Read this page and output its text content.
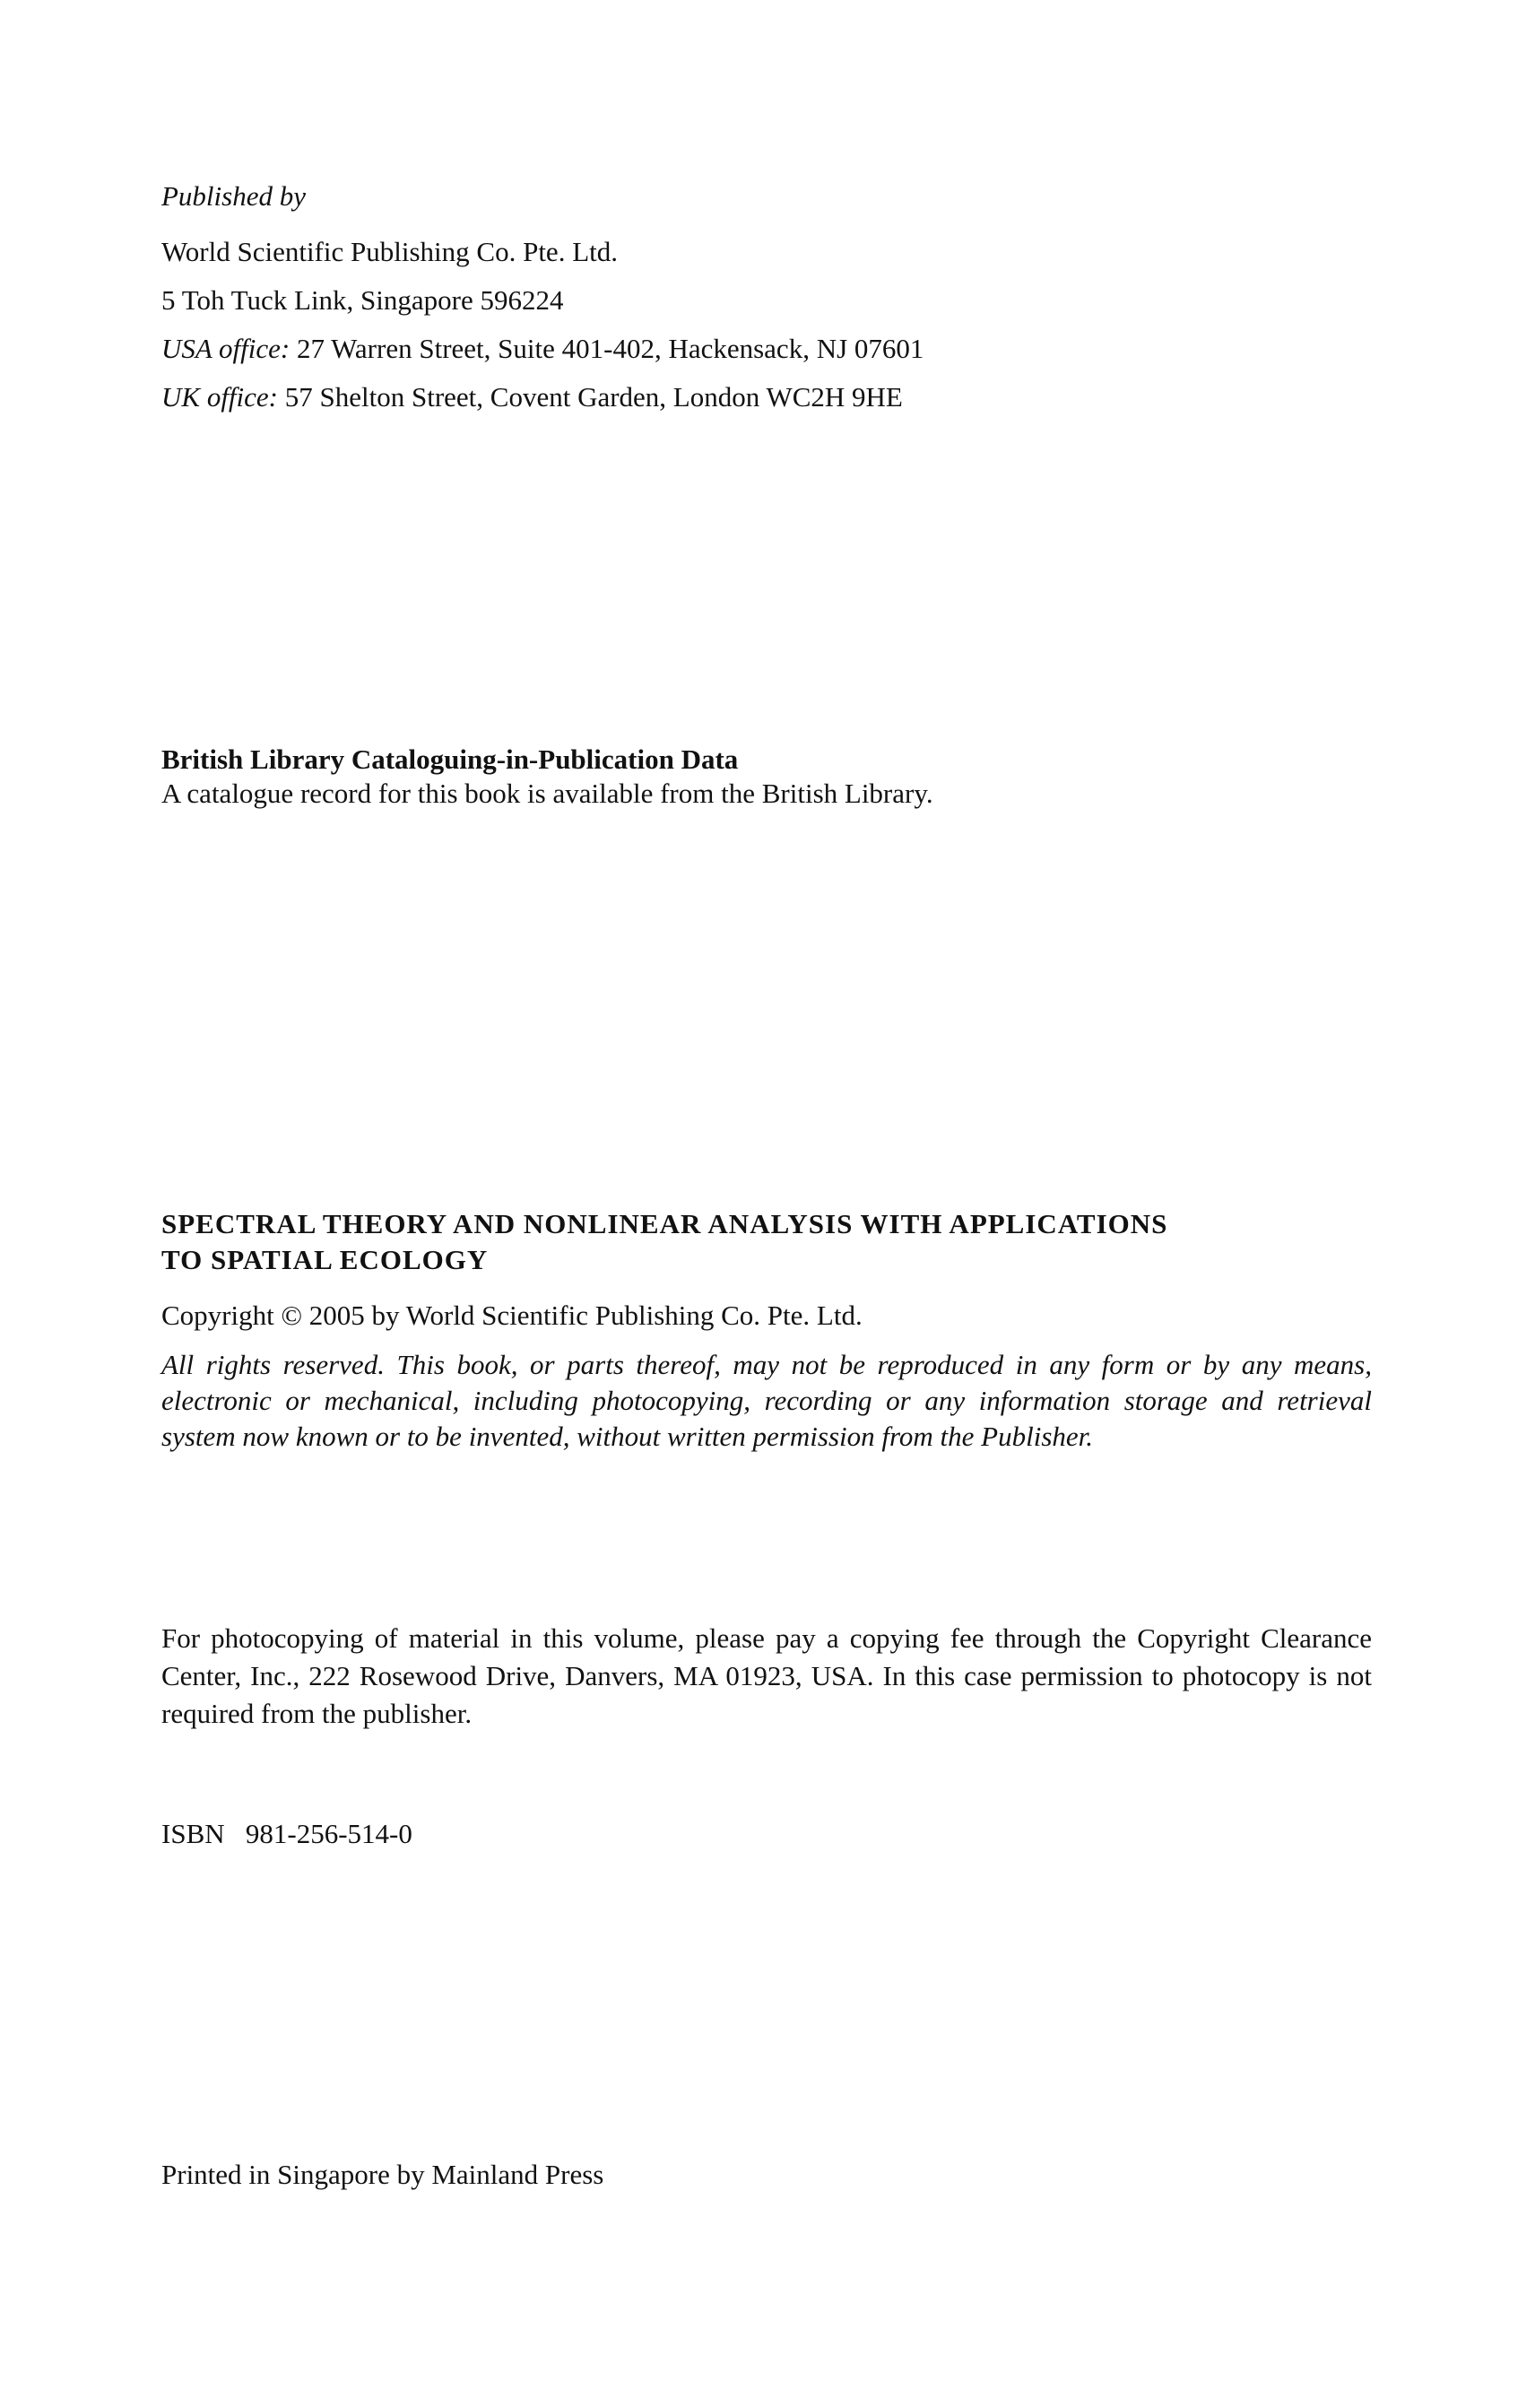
Published by
World Scientific Publishing Co. Pte. Ltd.
5 Toh Tuck Link, Singapore 596224
USA office: 27 Warren Street, Suite 401-402, Hackensack, NJ 07601
UK office: 57 Shelton Street, Covent Garden, London WC2H 9HE
British Library Cataloguing-in-Publication Data
A catalogue record for this book is available from the British Library.
SPECTRAL THEORY AND NONLINEAR ANALYSIS WITH APPLICATIONS
TO SPATIAL ECOLOGY
Copyright © 2005 by World Scientific Publishing Co. Pte. Ltd.
All rights reserved. This book, or parts thereof, may not be reproduced in any form or by any means, electronic or mechanical, including photocopying, recording or any information storage and retrieval system now known or to be invented, without written permission from the Publisher.
For photocopying of material in this volume, please pay a copying fee through the Copyright Clearance Center, Inc., 222 Rosewood Drive, Danvers, MA 01923, USA. In this case permission to photocopy is not required from the publisher.
ISBN   981-256-514-0
Printed in Singapore by Mainland Press
